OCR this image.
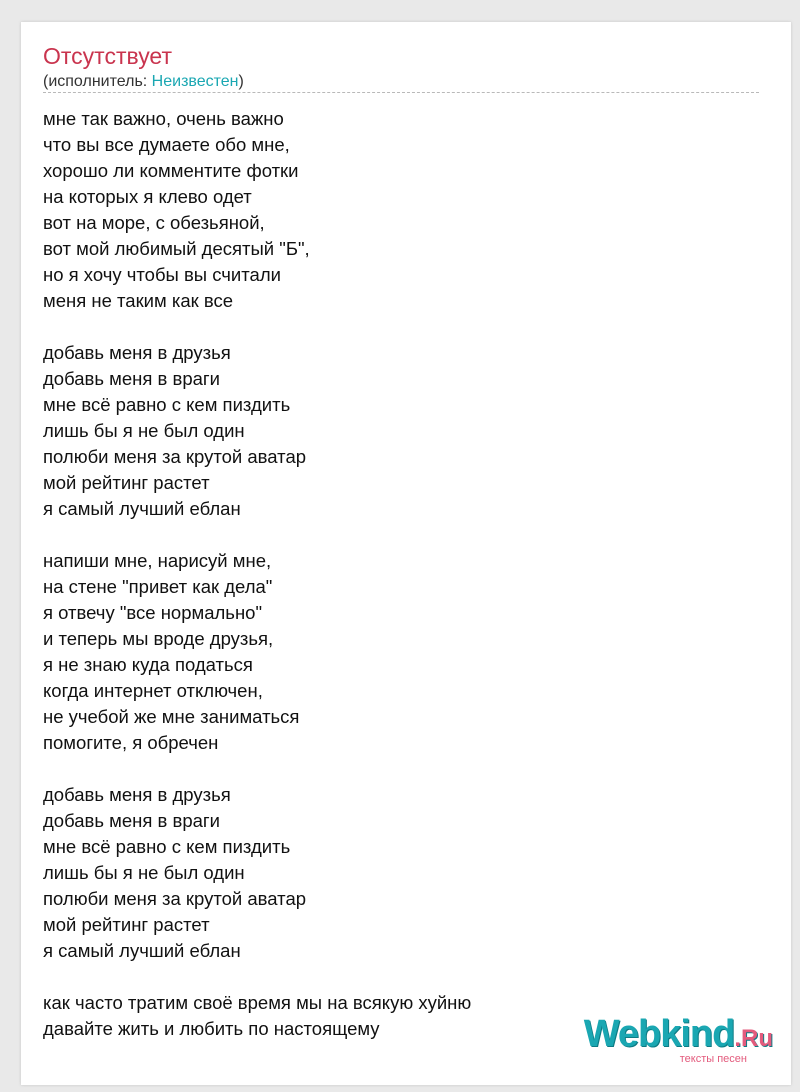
Отсутствует
(исполнитель: Неизвестен)
мне так важно, очень важно
что вы все думаете обо мне,
хорошо ли комментите фотки
на которых я клево одет
вот на море, с обезьяной,
вот мой любимый десятый "Б",
но я хочу чтобы вы считали
меня не таким как все
добавь меня в друзья
добавь меня в враги
мне всё равно с кем пиздить
лишь бы я не был один
полюби меня за крутой аватар
мой рейтинг растет
я самый лучший еблан
напиши мне, нарисуй мне,
на стене "привет как дела"
я отвечу "все нормально"
и теперь мы вроде друзья,
я не знаю куда податься
когда интернет отключен,
не учебой же мне заниматься
помогите, я обречен
добавь меня в друзья
добавь меня в враги
мне всё равно с кем пиздить
лишь бы я не был один
полюби меня за крутой аватар
мой рейтинг растет
я самый лучший еблан
как часто тратим своё время мы на всякую хуйню
давайте жить и любить по настоящему	Webkind.Ru
тексты песен
